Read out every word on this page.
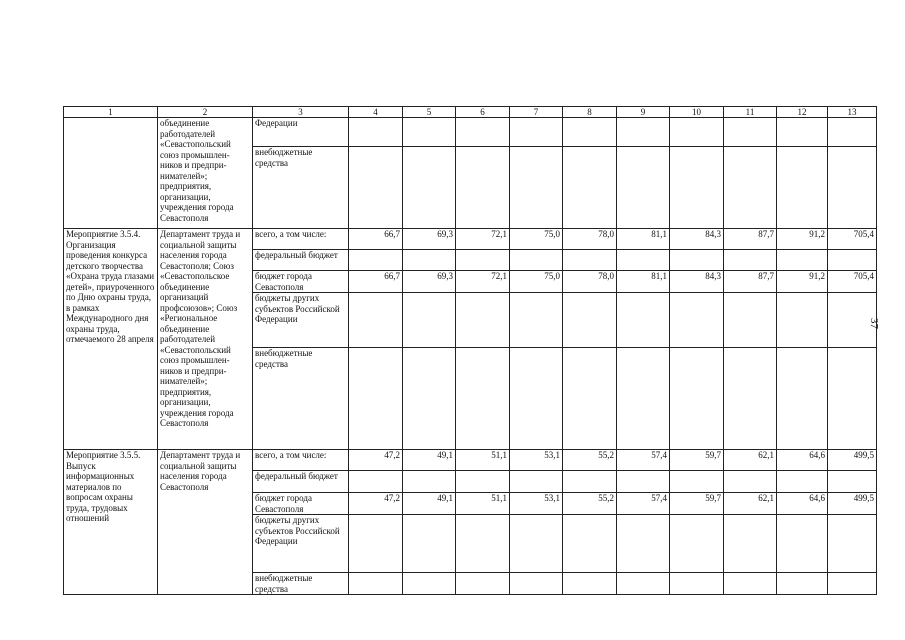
1	2	3	4	5	6	7	8	9	10	11	12	13
	объединение работодателей «Севастопольский союз промышлен-ников и предпри-нимателей»; предприятия, организации, учреждения города Севастополя	Федерации										
		внебюджетные средства										
Мероприятие 3.5.4. Организация проведения конкурса детского творчества «Охрана труда глазами детей», приуроченного по Дню охраны труда, в рамках Международного дня охраны труда, отмечаемого 28 апреля	Департамент труда и социальной защиты населения города Севастополя; Союз «Севастопольское объединение организаций профсоюзов»; Союз «Региональное объединение работодателей «Севастопольский союз промышлен-ников и предпри-нимателей»; предприятия, организации, учреждения города Севастополя	всего, а том числе:	66,7	69,3	72,1	75,0	78,0	81,1	84,3	87,7	91,2	705,4
		федеральный бюджет										
		бюджет города Севастополя	66,7	69,3	72,1	75,0	78,0	81,1	84,3	87,7	91,2	705,4
		бюджеты других субъектов Российской Федерации										
		внебюджетные средства										
Мероприятие 3.5.5. Выпуск информационных материалов по вопросам охраны труда, трудовых отношений	Департамент труда и социальной защиты населения города Севастополя	всего, а том числе:	47,2	49,1	51,1	53,1	55,2	57,4	59,7	62,1	64,6	499,5
		федеральный бюджет										
		бюджет города Севастополя	47,2	49,1	51,1	53,1	55,2	57,4	59,7	62,1	64,6	499,5
		бюджеты других субъектов Российской Федерации										
		внебюджетные средства										
37
